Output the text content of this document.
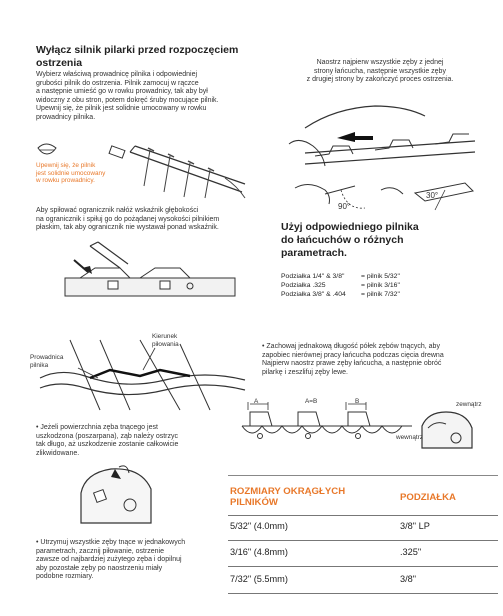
Wyłącz silnik pilarki przed rozpoczęciem ostrzenia
Wybierz właściwą prowadnicę pilnika i odpowiedniej
grubości pilnik do ostrzenia. Pilnik zamocuj w rączce
a następnie umieść go w rowku prowadnicy, tak aby był
widoczny z obu stron, potem dokręć śruby mocujące pilnik.
Upewnij się, że pilnik jest solidnie umocowany w rowku
prowadnicy pilnika.
Upewnij się, że pilnik
jest solidnie umocowany
w rowku prowadnicy.
Aby spiłować ogranicznik nałóż wskaźnik głębokości
na ogranicznik i spiłuj go do pożądanej wysokości pilnikiem
płaskim, tak aby ogranicznik nie wystawał ponad wskaźnik.
Prowadnica
pilnika
Kierunek
piłowania
• Jeżeli powierzchnia zęba tnącego jest
uszkodzona (poszarpana), ząb należy ostrzyc
tak długo, aż uszkodzenie zostanie całkowicie
zlikwidowane.
• Utrzymuj wszystkie zęby tnące w jednakowych
parametrach, zacznij piłowanie, ostrzenie
zawsze od najbardziej zużytego zęba i dopilnuj
aby pozostałe zęby po naostrzeniu miały
podobne rozmiary.
Naostrz najpierw wszystkie zęby z jednej
strony łańcucha, następnie wszystkie zęby
z drugiej strony by zakończyć proces ostrzenia.
90°
30°
Użyj odpowiedniego pilnika
do łańcuchów o różnych
parametrach.
Podziałka 1/4" & 3/8"	= pilnik 5/32"
Podziałka .325	= pilnik 3/16"
Podziałka 3/8" & .404	= pilnik 7/32"
• Zachowaj jednakową długość półek zębów tnących, aby
zapobiec nierównej pracy łańcucha podczas cięcia drewna
Najpierw naostrz prawe zęby łańcucha, a następnie obróć
pilarkę i zeszlifuj zęby lewe.
A	A=B	B	zewnątrz
wewnątrz
ROZMIARY OKRĄGŁYCH PILNIKÓW	PODZIAŁKA
5/32" (4.0mm)	3/8" LP
3/16" (4.8mm)	.325"
7/32" (5.5mm)	3/8"
